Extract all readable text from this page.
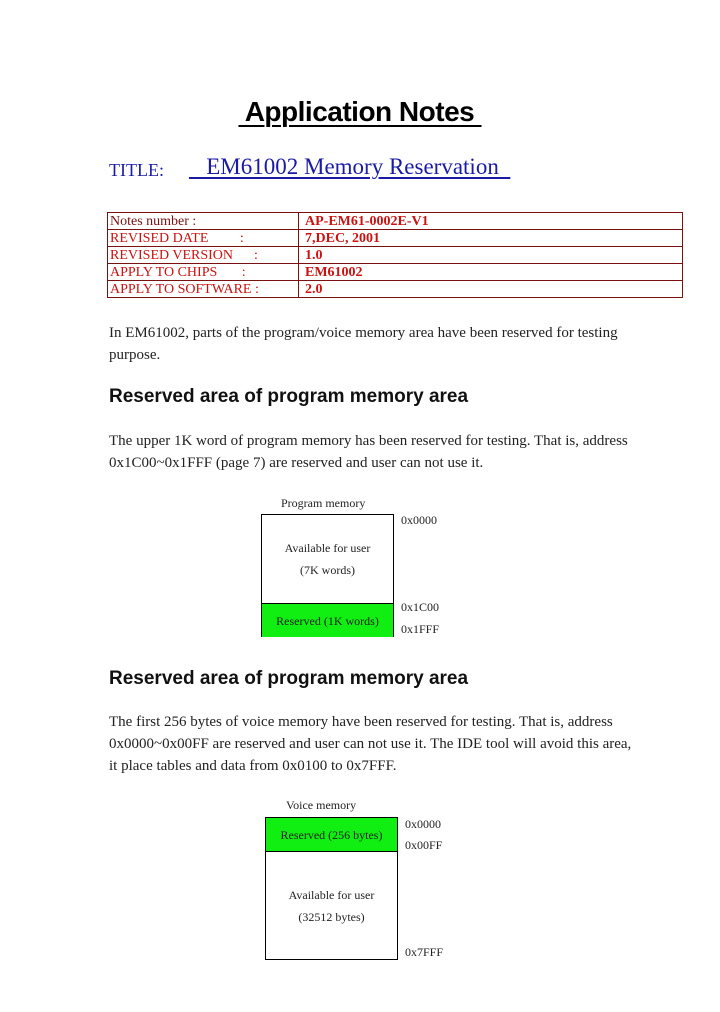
Application Notes
TITLE: EM61002 Memory Reservation
Notes number :	AP-EM61-0002E-V1
REVISED DATE         :	7,DEC, 2001
REVISED VERSION      :	1.0
APPLY TO CHIPS       :	EM61002
APPLY TO SOFTWARE :	2.0
In EM61002, parts of the program/voice memory area have been reserved for testing
purpose.
Reserved area of program memory area
The upper 1K word of program memory has been reserved for testing. That is, address
0x1C00~0x1FFF (page 7) are reserved and user can not use it.
Program memory
Available for user
(7K words)
Reserved (1K words)
0x0000
0x1C00
0x1FFF
Reserved area of program memory area
The first 256 bytes of voice memory have been reserved for testing. That is, address
0x0000~0x00FF are reserved and user can not use it. The IDE tool will avoid this area,
it place tables and data from 0x0100 to 0x7FFF.
Voice memory
Reserved (256 bytes)
Available for user
(32512 bytes)
0x0000
0x00FF
0x7FFF
